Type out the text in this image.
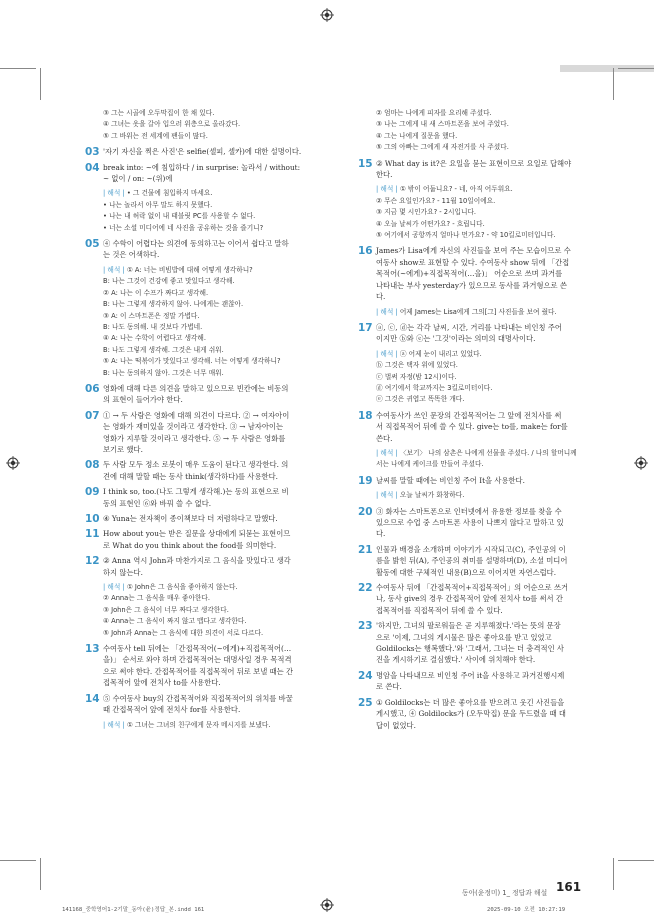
③ 그는 시골에 오두막집이 한 채 있다.
④ 그녀는 옷을 갈아 입으러 위층으로 올라갔다.
⑤ 그 바위는 전 세계에 팬들이 많다.
03 '자기 자신을 찍은 사진'은 selfie(셀피, 셀카)에 대한 설명이다.
04 break into: ~에 침입하다 / in surprise: 놀라서 / without:
~ 없이 / on: ~(위)에
| 해석 | • 그 건물에 침입하지 마세요.
• 나는 놀라서 아무 말도 하지 못했다.
• 나는 내 허락 없이 내 태블릿 PC를 사용할 수 없다.
• 너는 소셜 미디어에 네 사진을 공유하는 것을 즐기니?
05 ④ 수학이 어렵다는 의견에 동의하고는 이어서 쉽다고 말하
는 것은 어색하다.
| 해석 | ① A: 너는 비빔밥에 대해 어떻게 생각하니?
B: 나는 그것이 건강에 좋고 맛있다고 생각해.
② A: 나는 이 수프가 짜다고 생각해.
B: 나는 그렇게 생각하지 않아. 나에게는 괜찮아.
③ A: 이 스마트폰은 정말 가볍다.
B: 나도 동의해. 내 것보다 가볍네.
④ A: 나는 수학이 어렵다고 생각해.
B: 나도 그렇게 생각해. 그것은 내게 쉬워.
⑤ A: 나는 떡볶이가 맛있다고 생각해. 너는 어떻게 생각하니?
B: 나는 동의하지 않아. 그것은 너무 매워.
06 영화에 대해 다른 의견을 말하고 있으므로 빈칸에는 비동의
의 표현이 들어가야 한다.
07 ① → 두 사람은 영화에 대해 의견이 다르다. ② → 여자아이
는 영화가 재미있을 것이라고 생각한다. ③ → 남자아이는
영화가 지루할 것이라고 생각한다. ⑤ → 두 사람은 영화를
보기로 했다.
08 두 사람 모두 정소 로봇이 매우 도움이 된다고 생각한다. 의
견에 대해 말할 때는 동사 think(생각하다)를 사용한다.
09 I think so, too.(나도 그렇게 생각해.)는 동의 표현으로 비
동의 표현인 ⑥와 바꿔 쓸 수 없다.
10 ④ Yuna는 전자책이 종이책보다 더 저렴하다고 말했다.
11 How about you는 받은 질문을 상대에게 되묻는 표현이므
로 What do you think about the food를 의미한다.
12 ② Anna 역시 John과 마찬가지로 그 음식을 맛있다고 생각
하지 않는다.
| 해석 | ① John은 그 음식을 좋아하지 않는다.
② Anna는 그 음식을 매우 좋아한다.
③ John은 그 음식이 너무 짜다고 생각한다.
④ Anna는 그 음식이 짜지 않고 맵다고 생각한다.
⑤ John과 Anna는 그 음식에 대한 의견이 서로 다르다.
13 수여동사 tell 뒤에는 「간접목적어(~에게)+직접목적어(…
을)」 순서로 와야 하며 간접목적어는 대명사일 경우 목적격
으로 써야 한다. 간접목적어를 직접목적어 뒤로 보낼 때는 간
접목적어 앞에 전치사 to를 사용한다.
14 ⑤ 수여동사 buy의 간접목적어와 직접목적어의 위치를 바꿀
때 간접목적어 앞에 전치사 for를 사용한다.
| 해석 | ① 그녀는 그녀의 친구에게 문자 메시지를 보냈다.
② 엄마는 나에게 피자를 요리해 주셨다.
③ 나는 그에게 내 새 스마트폰을 보여 주었다.
④ 그는 나에게 질문을 했다.
⑤ 그의 아빠는 그에게 새 자전거를 사 주셨다.
15 ② What day is it?은 요일을 묻는 표현이므로 요일로 답해야
한다.
| 해석 | ① 밖이 어둡니요? - 네, 아직 어두워요.
② 무슨 요일인가요? - 11월 10일이에요.
③ 지금 몇 시인가요? - 2시입니다.
④ 오늘 날씨가 어떤가요? - 흐립니다.
⑤ 여기에서 공항까지 얼마나 먼가요? - 약 10킬로미터입니다.
16 James가 Lisa에게 자신의 사진들을 보여 주는 모습이므로 수
여동사 show로 표현할 수 있다. 수여동사 show 뒤에 「간접
목적어(~에게)+직접목적어(…을)」 어순으로 쓰며 과거를
나타내는 부사 yesterday가 있으므로 동사를 과거형으로 쓴
다.
| 해석 | 어제 James는 Lisa에게 그의[그] 사진들을 보여 줬다.
17 ⓐ, ⓒ, ⓓ는 각각 날씨, 시간, 거리를 나타내는 비인칭 주어
이지만 ⓑ와 ⓔ는 '그것'이라는 의미의 대명사이다.
| 해석 | ⓐ 어제 눈이 내리고 있었다.
ⓑ 그것은 택자 위에 있었다.
ⓒ 벌써 자정(밤 12시)이다.
ⓓ 여기에서 학교까지는 3킬로미터이다.
ⓔ 그것은 귀엽고 똑똑한 개다.
18 수여동사가 쓰인 문장의 간접목적어는 그 앞에 전치사를 써
서 직접목적어 뒤에 쓸 수 있다. give는 to를, make는 for를
쓴다.
| 해석 | 〈보기〉 나의 삼촌은 나에게 선물을 주셨다. / 나의 할머니께
서는 나에게 케이크를 만들어 주셨다.
19 날씨를 말할 때에는 비인칭 주어 It을 사용한다.
| 해석 | 오늘 날씨가 화창하다.
20 ③ 화자는 스마트폰으로 인터넷에서 유용한 정보를 찾을 수
있으므로 수업 중 스마트폰 사용이 나쁘지 않다고 말하고 있
다.
21 인물과 배경을 소개하며 이야기가 시작되고(C), 주인공의 이
름을 밝힌 뒤(A), 주인공의 취미를 설명하며(D), 소셜 미디어
활동에 대한 구체적인 내용(B)으로 이어지면 자연스럽다.
22 수여동사 뒤에 「간접목적어+직접목적어」의 어순으로 쓰거
나, 동사 give의 경우 간접목적어 앞에 전치사 to를 써서 간
접목적어를 직접목적어 뒤에 쓸 수 있다.
23 '하지만, 그녀의 팔로워들은 곧 지루해졌다.'라는 뜻의 문장
으로 '이제, 그녀의 게시물은 많은 좋아요를 받고 있었고
Goldilocks는 행복했다.'와 '그래서, 그녀는 더 충격적인 사
진을 게시하기로 결심했다.' 사이에 위치해야 한다.
24 명암을 나타내므로 비인칭 주어 it을 사용하고 과거진행시제
로 쓴다.
25 ① Goldilocks는 더 많은 좋아요를 받으려고 웃긴 사진들을
게시했고, ④ Goldilocks가 (오두막집) 문을 두드렸을 때 대
답이 없었다.
동아(윤정미) 1_ 정답과 해설 161
141168_중학영어1-2기말_동아(윤)정답_본.indd 161	2025-09-10 오전 10:27:19
